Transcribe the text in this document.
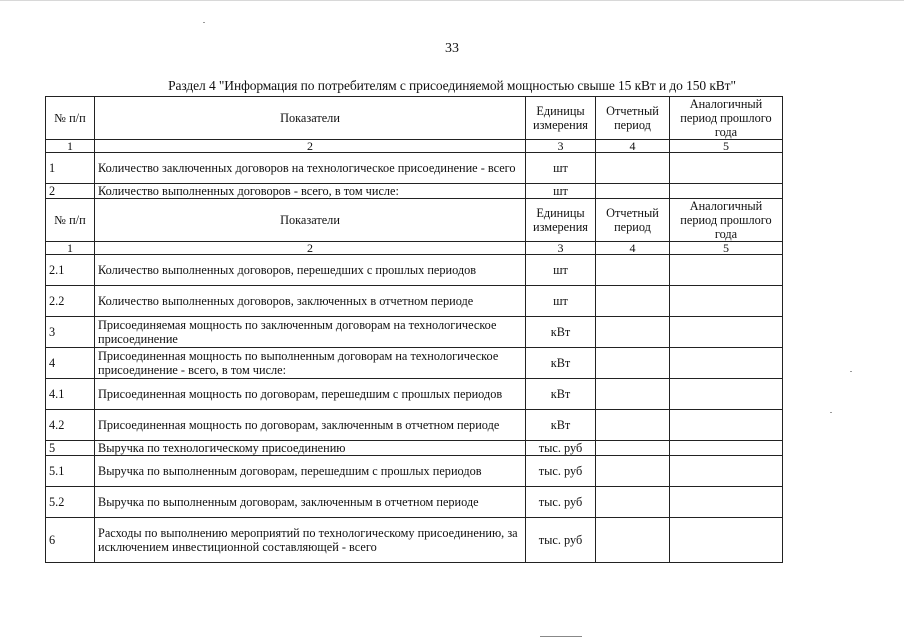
33
Раздел 4 "Информация по потребителям с присоединяемой мощностью свыше 15 кВт и до 150 кВт"
№ п/п	Показатели	Единицы измерения	Отчетный период	Аналогичный период прошлого года
1	2	3	4	5
1	Количество заключенных договоров на технологическое присоединение - всего	шт		
2	Количество выполненных договоров - всего, в том числе:	шт		
№ п/п	Показатели	Единицы измерения	Отчетный период	Аналогичный период прошлого года
1	2	3	4	5
2.1	Количество выполненных договоров, перешедших с прошлых периодов	шт		
2.2	Количество выполненных договоров, заключенных в отчетном периоде	шт		
3	Присоединяемая мощность по заключенным договорам на технологическое присоединение	кВт		
4	Присоединенная мощность по выполненным договорам на технологическое присоединение - всего, в том числе:	кВт		
4.1	Присоединенная мощность по договорам, перешедшим с прошлых периодов	кВт		
4.2	Присоединенная мощность по договорам, заключенным в отчетном периоде	кВт		
5	Выручка по технологическому присоединению	тыс. руб		
5.1	Выручка по выполненным договорам, перешедшим с прошлых периодов	тыс. руб		
5.2	Выручка по выполненным договорам, заключенным в отчетном периоде	тыс. руб		
6	Расходы по выполнению мероприятий по технологическому присоединению, за исключением инвестиционной составляющей - всего	тыс. руб		
